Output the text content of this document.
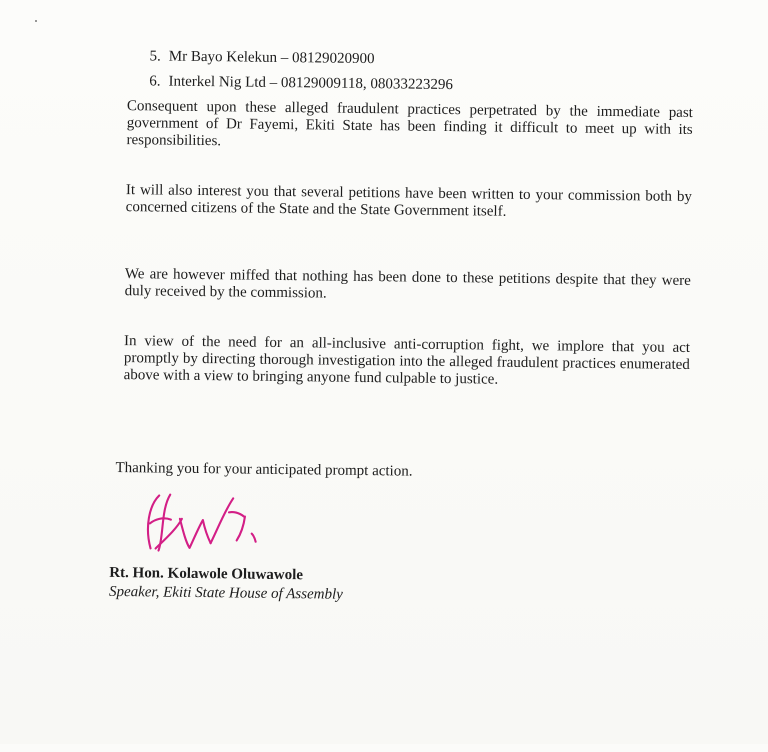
5. Mr Bayo Kelekun – 08129020900
6. Interkel Nig Ltd – 08129009118, 08033223296

Consequent upon these alleged fraudulent practices perpetrated by the immediate past government of Dr Fayemi, Ekiti State has been finding it difficult to meet up with its responsibilities.

It will also interest you that several petitions have been written to your commission both by concerned citizens of the State and the State Government itself.

We are however miffed that nothing has been done to these petitions despite that they were duly received by the commission.

In view of the need for an all-inclusive anti-corruption fight, we implore that you act promptly by directing thorough investigation into the alleged fraudulent practices enumerated above with a view to bringing anyone fund culpable to justice.

Thanking you for your anticipated prompt action.

Rt. Hon. Kolawole Oluwawole

Speaker, Ekiti State House of Assembly
